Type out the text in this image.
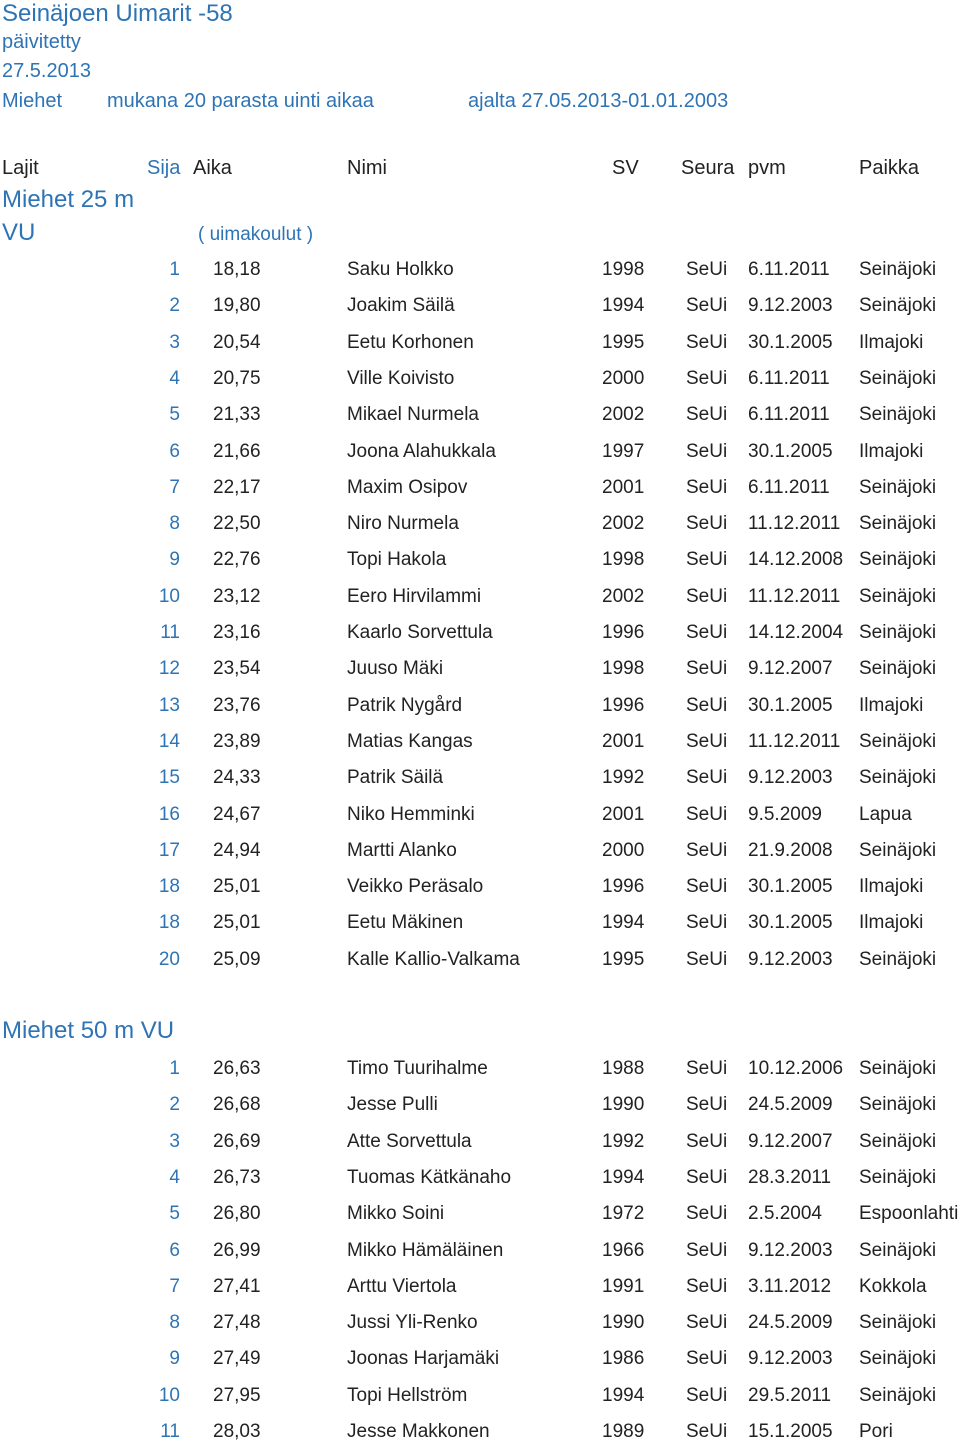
Seinäjoen Uimarit -58
päivitetty
27.5.2013
Miehet mukana 20 parasta uinti aikaa	ajalta 27.05.2013-01.01.2003
Lajit	Sija Aika	Nimi	SV Seura pvm	Paikka
Miehet 25 m
VU	( uimakoulut )
1 18,18	Saku Holkko	1998 SeUi 6.11.2011 Seinäjoki
2 19,80	Joakim Säilä	1994 SeUi 9.12.2003 Seinäjoki
3 20,54	Eetu Korhonen	1995 SeUi 30.1.2005 Ilmajoki
4 20,75	Ville Koivisto	2000 SeUi 6.11.2011 Seinäjoki
5 21,33	Mikael Nurmela	2002 SeUi 6.11.2011 Seinäjoki
6 21,66	Joona Alahukkala	1997 SeUi 30.1.2005 Ilmajoki
7 22,17	Maxim Osipov	2001 SeUi 6.11.2011 Seinäjoki
8 22,50	Niro Nurmela	2002 SeUi 11.12.2011 Seinäjoki
9 22,76	Topi Hakola	1998 SeUi 14.12.2008 Seinäjoki
10 23,12	Eero Hirvilammi	2002 SeUi 11.12.2011 Seinäjoki
11 23,16	Kaarlo Sorvettula	1996 SeUi 14.12.2004 Seinäjoki
12 23,54	Juuso Mäki	1998 SeUi 9.12.2007 Seinäjoki
13 23,76	Patrik Nygård	1996 SeUi 30.1.2005 Ilmajoki
14 23,89	Matias Kangas	2001 SeUi 11.12.2011 Seinäjoki
15 24,33	Patrik Säilä	1992 SeUi 9.12.2003 Seinäjoki
16 24,67	Niko Hemminki	2001 SeUi 9.5.2009 Lapua
17 24,94	Martti Alanko	2000 SeUi 21.9.2008 Seinäjoki
18 25,01	Veikko Peräsalo	1996 SeUi 30.1.2005 Ilmajoki
18 25,01	Eetu Mäkinen	1994 SeUi 30.1.2005 Ilmajoki
20 25,09	Kalle Kallio-Valkama	1995 SeUi 9.12.2003 Seinäjoki
Miehet 50 m VU
1 26,63	Timo Tuurihalme	1988 SeUi 10.12.2006 Seinäjoki
2 26,68	Jesse Pulli	1990 SeUi 24.5.2009 Seinäjoki
3 26,69	Atte Sorvettula	1992 SeUi 9.12.2007 Seinäjoki
4 26,73	Tuomas Kätkänaho	1994 SeUi 28.3.2011 Seinäjoki
5 26,80	Mikko Soini	1972 SeUi 2.5.2004 Espoonlahti
6 26,99	Mikko Hämäläinen	1966 SeUi 9.12.2003 Seinäjoki
7 27,41	Arttu Viertola	1991 SeUi 3.11.2012 Kokkola
8 27,48	Jussi Yli-Renko	1990 SeUi 24.5.2009 Seinäjoki
9 27,49	Joonas Harjamäki	1986 SeUi 9.12.2003 Seinäjoki
10 27,95	Topi Hellström	1994 SeUi 29.5.2011 Seinäjoki
11 28,03	Jesse Makkonen	1989 SeUi 15.1.2005 Pori
